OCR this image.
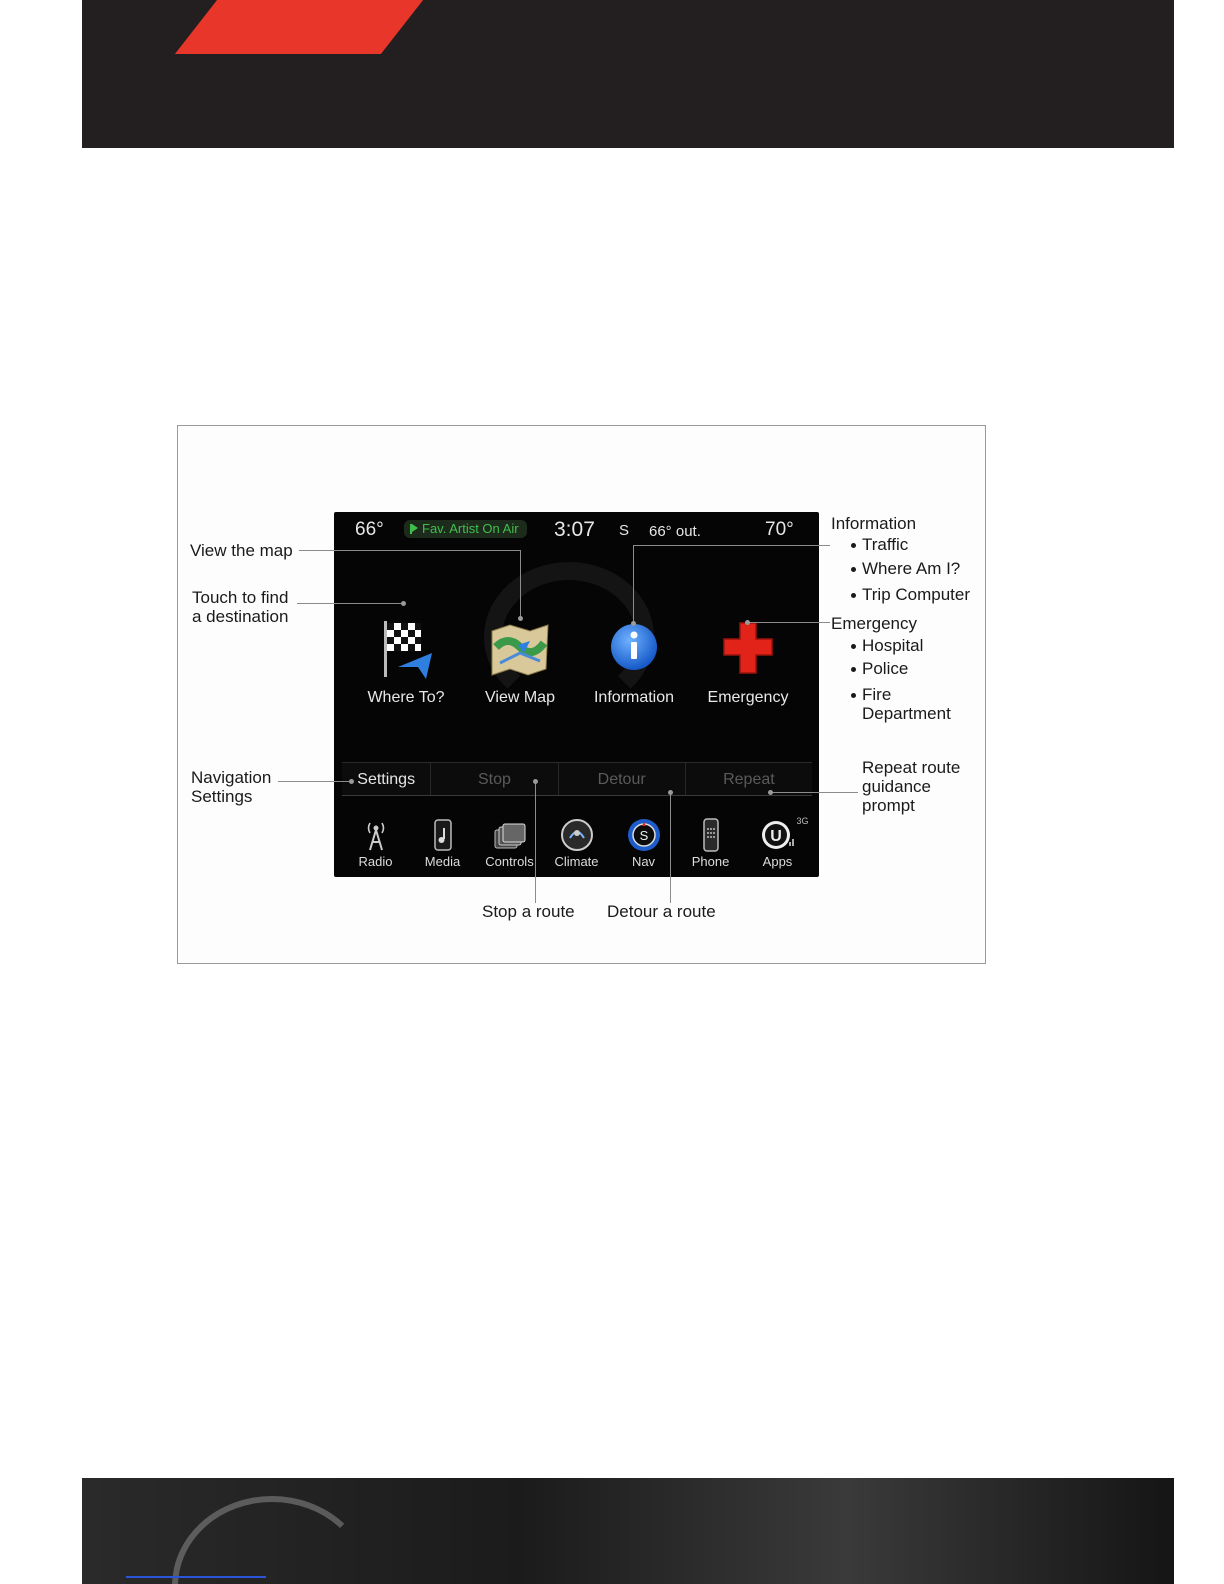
66°	Fav. Artist On Air 3:07 S 66° out.	70°
Where To?	View Map	Information	Emergency
Settings	Stop	Detour	Repeat
Radio	Media	Controls	Climate
S
Nav	Phone
U
3G
Apps
View the map
Touch to find
a destination
Navigation
Settings
Information
Traffic
Where Am I?
Trip Computer
Emergency
Hospital
Police
Fire
Department
Repeat route
guidance
prompt
Stop a route Detour a route
